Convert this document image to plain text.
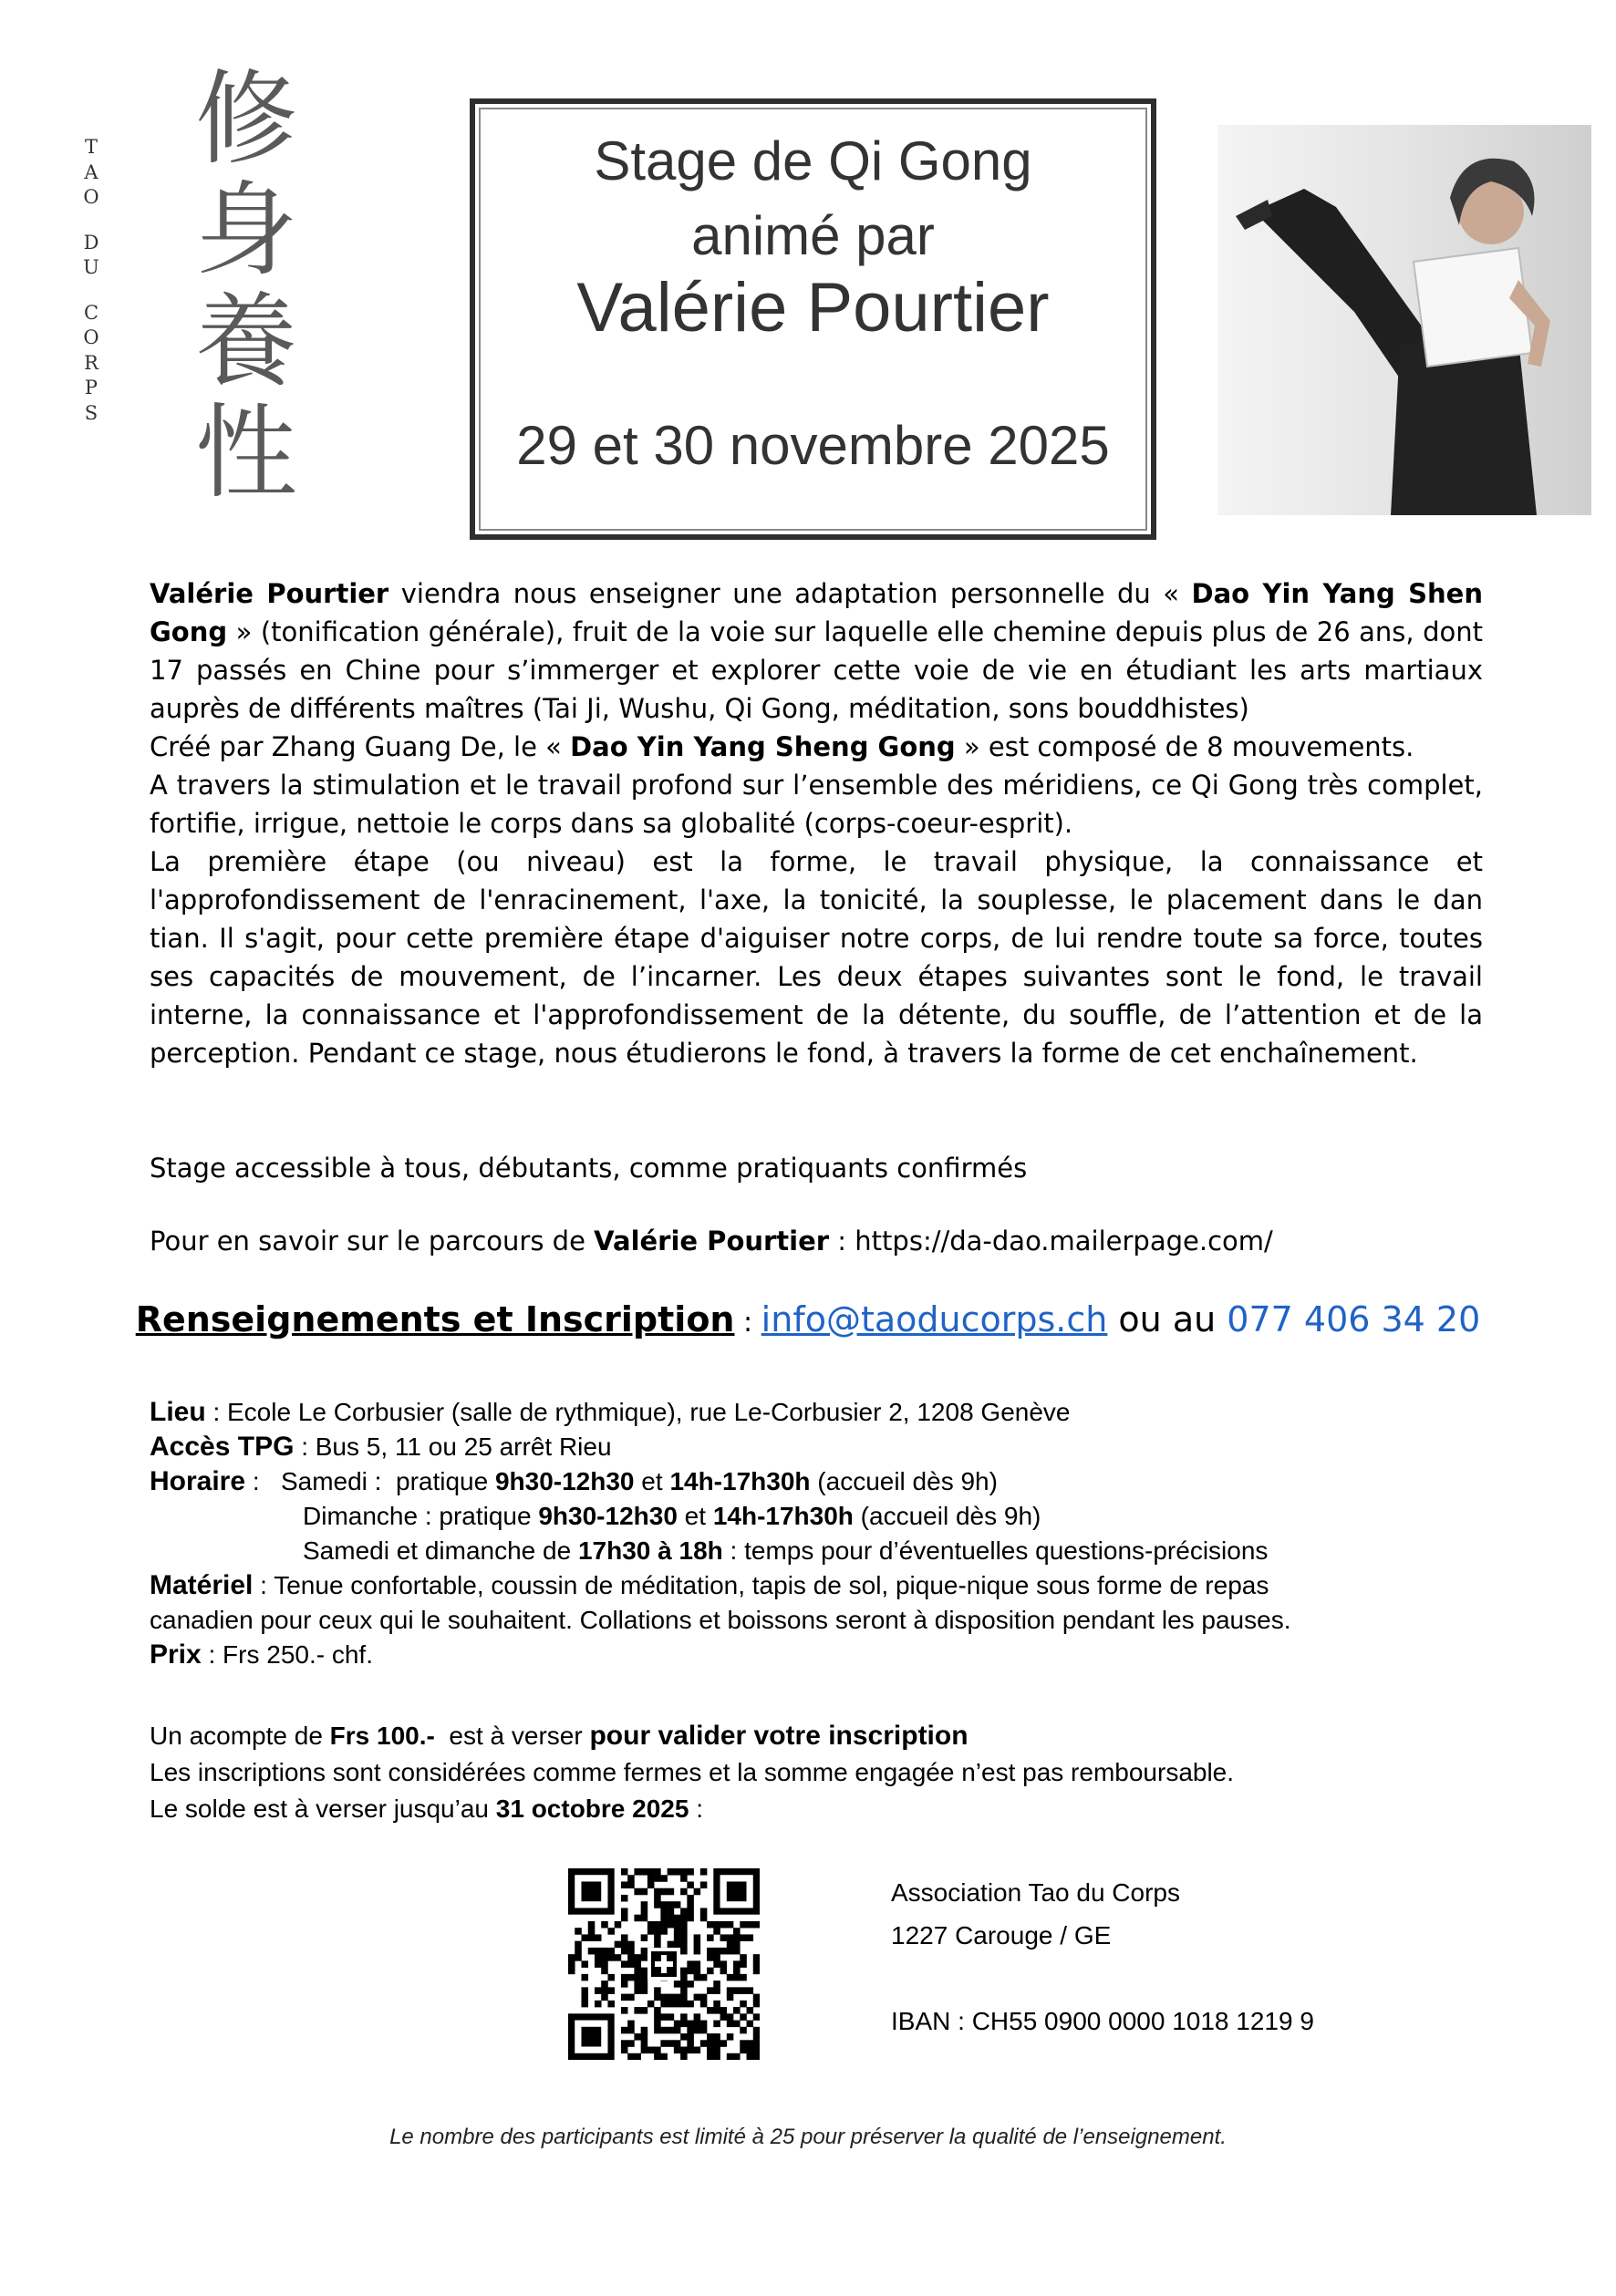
T
A
O
D
U
C
O
R
P
S
修
身
養
性
Stage de Qi Gong
animé par
Valérie Pourtier
29 et 30 novembre 2025

Valérie Pourtier viendra nous enseigner une adaptation personnelle du « Dao Yin Yang Shen Gong » (tonification générale), fruit de la voie sur laquelle elle chemine depuis plus de 26 ans, dont 17 passés en Chine pour s’immerger et explorer cette voie de vie en étudiant les arts martiaux auprès de différents maîtres (Tai Ji, Wushu, Qi Gong, méditation, sons bouddhistes)

Créé par Zhang Guang De, le « Dao Yin Yang Sheng Gong » est composé de 8 mouvements.

A travers la stimulation et le travail profond sur l’ensemble des méridiens, ce Qi Gong très complet, fortifie, irrigue, nettoie le corps dans sa globalité (corps-coeur-esprit).

La première étape (ou niveau) est la forme, le travail physique, la connaissance et l'approfondissement de l'enracinement, l'axe, la tonicité, la souplesse, le placement dans le dan tian. Il s'agit, pour cette première étape d'aiguiser notre corps, de lui rendre toute sa force, toutes ses capacités de mouvement, de l’incarner. Les deux étapes suivantes sont le fond, le travail interne, la connaissance et l'approfondissement de la détente, du souffle, de l’attention et de la perception. Pendant ce stage, nous étudierons le fond, à travers la forme de cet enchaînement.

Stage accessible à tous, débutants, comme pratiquants confirmés
Pour en savoir sur le parcours de Valérie Pourtier : https://da-dao.mailerpage.com/
Renseignements et Inscription : info@taoducorps.ch ou au 077 406 34 20
Lieu : Ecole Le Corbusier (salle de rythmique), rue Le-Corbusier 2, 1208 Genève
Accès TPG : Bus 5, 11 ou 25 arrêt Rieu
Horaire :   Samedi :  pratique 9h30-12h30 et 14h-17h30h (accueil dès 9h)
Dimanche : pratique 9h30-12h30 et 14h-17h30h (accueil dès 9h)
Samedi et dimanche de 17h30 à 18h : temps pour d’éventuelles questions-précisions
Matériel : Tenue confortable, coussin de méditation, tapis de sol, pique-nique sous forme de repas
canadien pour ceux qui le souhaitent. Collations et boissons seront à disposition pendant les pauses.
Prix : Frs 250.- chf.
Un acompte de Frs 100.-  est à verser pour valider votre inscription
Les inscriptions sont considérées comme fermes et la somme engagée n’est pas remboursable.
Le solde est à verser jusqu’au 31 octobre 2025 :
Association Tao du Corps
1227 Carouge / GE
IBAN : CH55 0900 0000 1018 1219 9
Le nombre des participants est limité à 25 pour préserver la qualité de l’enseignement.
